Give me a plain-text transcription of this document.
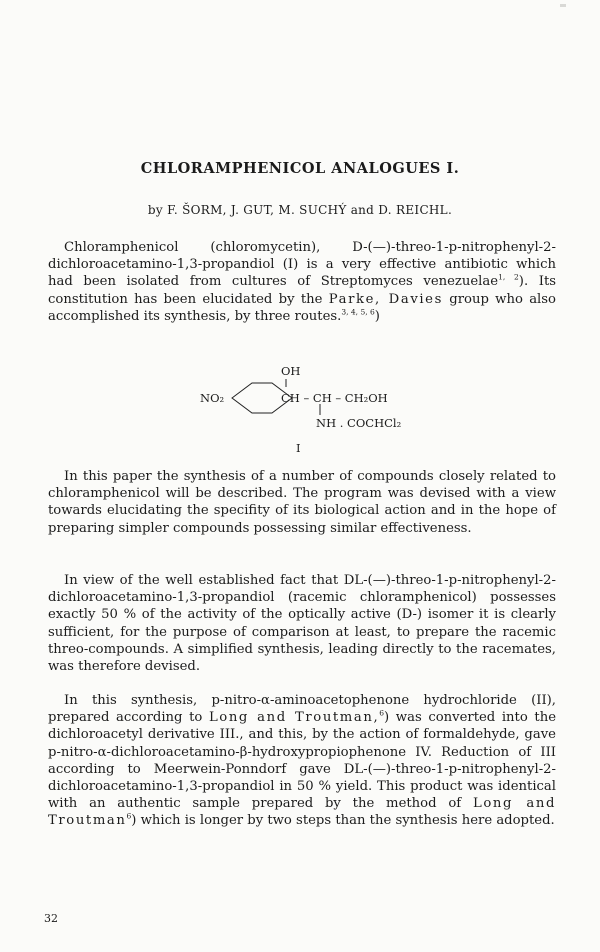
CHLORAMPHENICOL ANALOGUES I.
by F. ŠORM, J. GUT, M. SUCHÝ and D. REICHL.
Chloramphenicol (chloromycetin), D-(—)-threo-1-p-nitrophenyl-2-dichloroacetamino-1,3-propandiol (I) is a very effective antibiotic which had been isolated from cultures of Streptomyces venezuelae$^{1, 2}$). Its constitution has been elucidated by the Parke, Davies group who also accomplished its synthesis, by three routes.$^{3, 4, 5, 6}$)
OH
NO₂	CH – CH – CH₂OH
NH . COCHCl₂
I
In this paper the synthesis of a number of compounds closely related to chloramphenicol will be described. The program was devised with a view towards elucidating the specifity of its biological action and in the hope of preparing simpler compounds possessing similar effectiveness.
In view of the well established fact that DL-(—)-threo-1-p-nitrophenyl-2-dichloroacetamino-1,3-propandiol (racemic chloramphenicol) possesses exactly 50 % of the activity of the optically active (D-) isomer it is clearly sufficient, for the purpose of comparison at least, to prepare the racemic threo-compounds. A simplified synthesis, leading directly to the racemates, was therefore devised.
In this synthesis, p-nitro-α-aminoacetophenone hydrochloride (II), prepared according to Long and Troutman,$^6$) was converted into the dichloroacetyl derivative III., and this, by the action of formaldehyde, gave p-nitro-α-dichloroacetamino-β-hydroxypropiophenone IV. Reduction of III according to Meerwein-Ponndorf gave DL-(—)-threo-1-p-nitrophenyl-2-dichloroacetamino-1,3-propandiol in 50 % yield. This product was identical with an authentic sample prepared by the method of Long and Troutman$^6$) which is longer by two steps than the synthesis here adopted.
32
